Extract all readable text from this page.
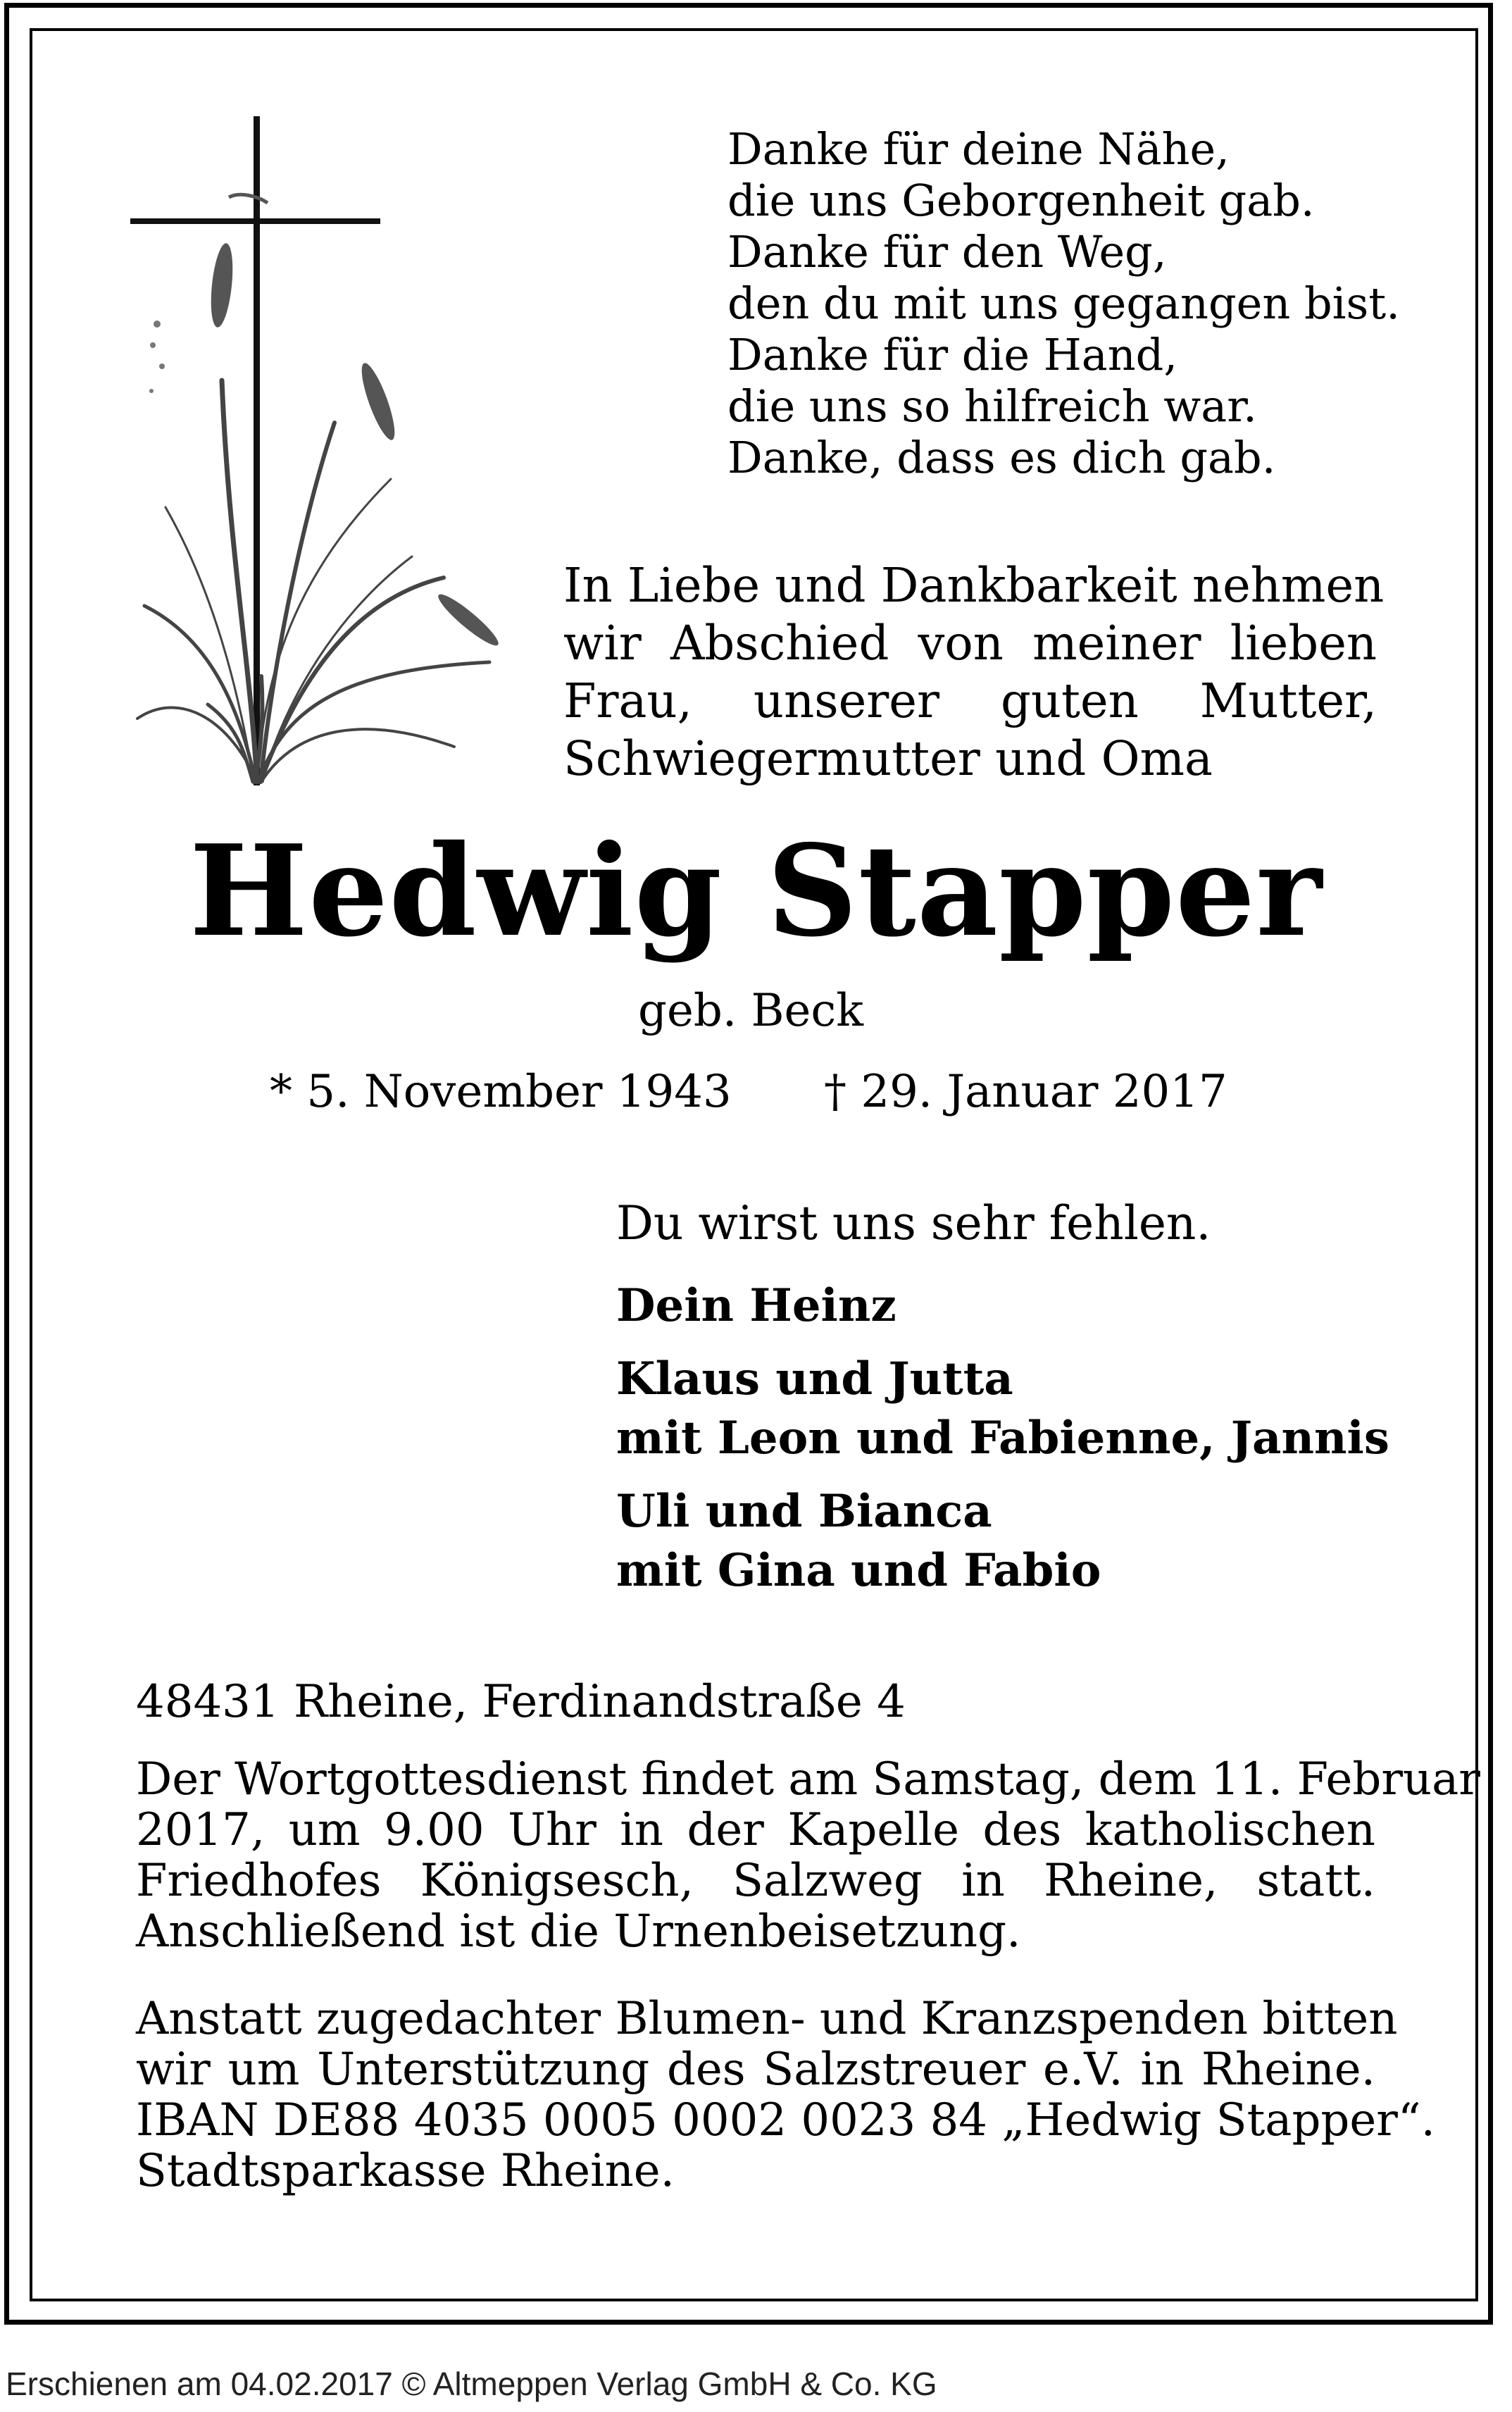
Danke für deine Nähe,
die uns Geborgenheit gab.
Danke für den Weg,
den du mit uns gegangen bist.
Danke für die Hand,
die uns so hilfreich war.
Danke, dass es dich gab.
In Liebe und Dankbarkeit nehmen
wir Abschied von meiner lieben
Frau, unserer guten Mutter,
Schwiegermutter und Oma
Hedwig Stapper
geb. Beck
* 5. November 1943 † 29. Januar 2017
Du wirst uns sehr fehlen.
Dein Heinz
Klaus und Jutta
mit Leon und Fabienne, Jannis
Uli und Bianca
mit Gina und Fabio
48431 Rheine, Ferdinandstraße 4
Der Wortgottesdienst findet am Samstag, dem 11. Februar
2017, um 9.00 Uhr in der Kapelle des katholischen
Friedhofes Königsesch, Salzweg in Rheine, statt.
Anschließend ist die Urnenbeisetzung.
Anstatt zugedachter Blumen- und Kranzspenden bitten
wir um Unterstützung des Salzstreuer e.V. in Rheine.
IBAN DE88 4035 0005 0002 0023 84 „Hedwig Stapper“.
Stadtsparkasse Rheine.
Erschienen am 04.02.2017 © Altmeppen Verlag GmbH & Co. KG
